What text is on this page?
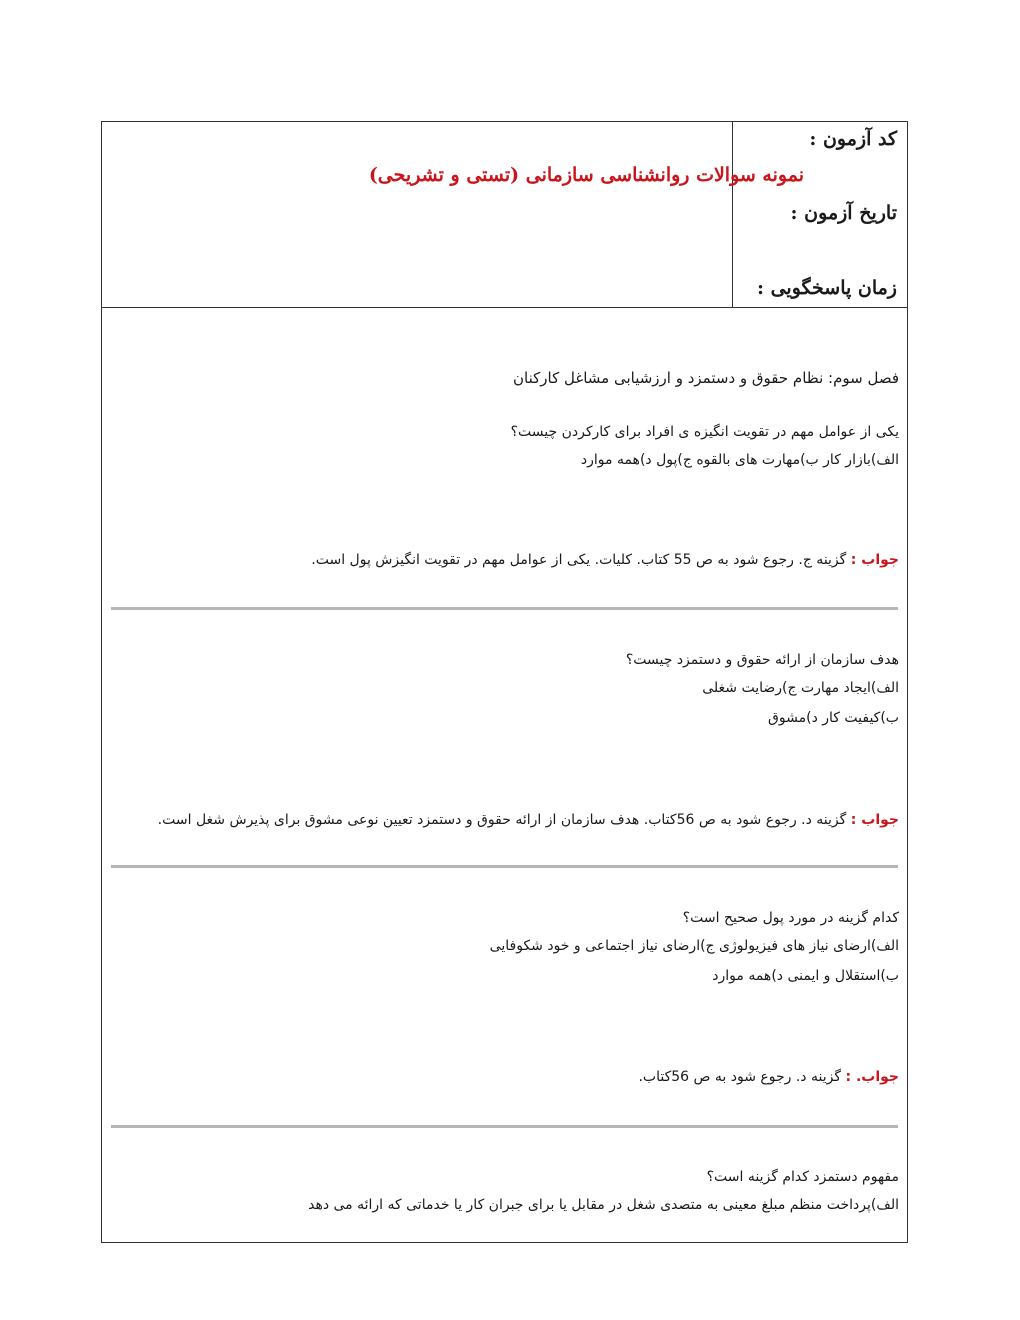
کد آزمون :
تاریخ آزمون :
زمان پاسخگویی :
نمونه سوالات روانشناسی سازمانی (تستی و تشریحی)
فصل سوم: نظام حقوق و دستمزد و ارزشیابی مشاغل کارکنان
یکی از عوامل مهم در تقویت انگیزه ی افراد برای کارکردن چیست؟
الف)بازار کار ب)مهارت های بالقوه ج)پول د)همه موارد
جواب : گزینه ج. رجوع شود به ص 55 کتاب. کلیات. یکی از عوامل مهم در تقویت انگیزش پول است.
هدف سازمان از ارائه حقوق و دستمزد چیست؟
الف)ایجاد مهارت ج)رضایت شغلی
ب)کیفیت کار د)مشوق
جواب : گزینه د. رجوع شود به ص 56کتاب. هدف سازمان از ارائه حقوق و دستمزد تعیین نوعی مشوق برای پذیرش شغل است.
کدام گزینه در مورد پول صحیح است؟
الف)ارضای نیاز های فیزیولوژی ج)ارضای نیاز اجتماعی و خود شکوفایی
ب)استقلال و ایمنی د)همه موارد
جواب. : گزینه د. رجوع شود به ص 56کتاب.
مفهوم دستمزد کدام گزینه است؟
الف)پرداخت منظم مبلغ معینی به متصدی شغل در مقابل یا برای جبران کار یا خدماتی که ارائه می دهد
